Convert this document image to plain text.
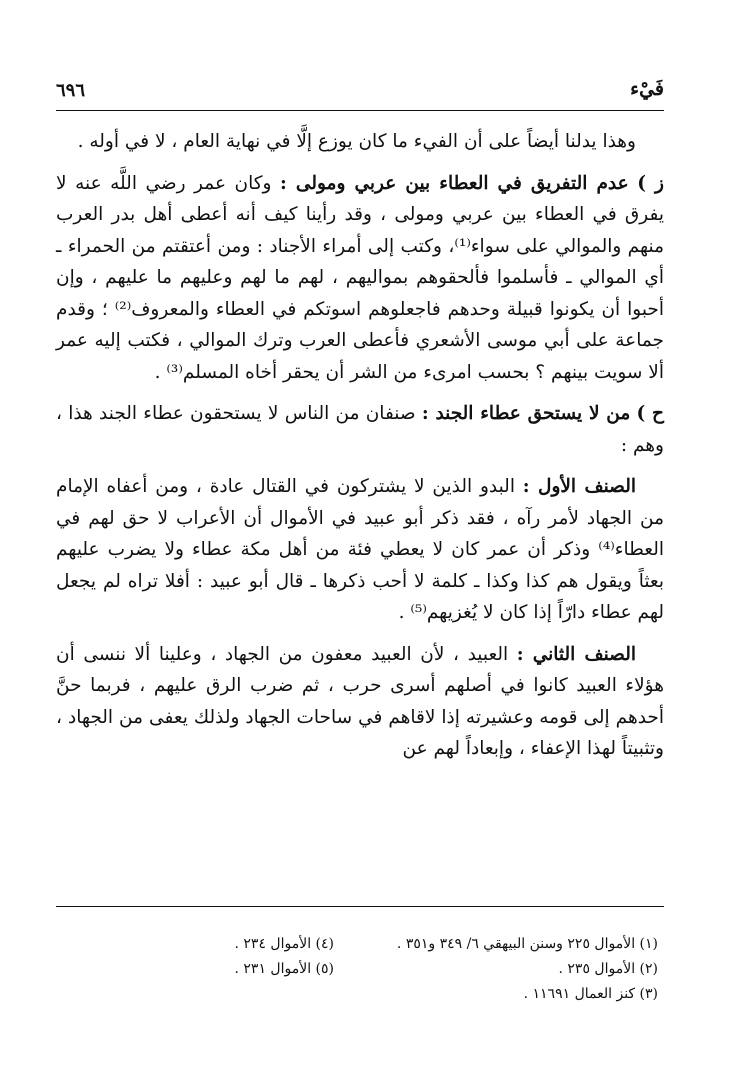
فَيْء
٦٩٦

وهذا يدلنا أيضاً على أن الفيء ما كان يوزع إلَّا في نهاية العام ، لا في أوله .

ز ) عدم التفريق في العطاء بين عربي ومولى : وكان عمر رضي اللَّه عنه لا يفرق في العطاء بين عربي ومولى ، وقد رأينا كيف أنه أعطى أهل بدر العرب منهم والموالي على سواء⁽¹⁾، وكتب إلى أمراء الأجناد : ومن أعتقتم من الحمراء ـ أي الموالي ـ فأسلموا فألحقوهم بمواليهم ، لهم ما لهم وعليهم ما عليهم ، وإن أحبوا أن يكونوا قبيلة وحدهم فاجعلوهم اسوتكم في العطاء والمعروف⁽²⁾ ؛ وقدم جماعة على أبي موسى الأشعري فأعطى العرب وترك الموالي ، فكتب إليه عمر ألا سويت بينهم ؟ بحسب امرىء من الشر أن يحقر أخاه المسلم⁽³⁾ .

ح ) من لا يستحق عطاء الجند : صنفان من الناس لا يستحقون عطاء الجند هذا ، وهم :

الصنف الأول : البدو الذين لا يشتركون في القتال عادة ، ومن أعفاه الإمام من الجهاد لأمر رآه ، فقد ذكر أبو عبيد في الأموال أن الأعراب لا حق لهم في العطاء⁽⁴⁾ وذكر أن عمر كان لا يعطي فئة من أهل مكة عطاء ولا يضرب عليهم بعثاً ويقول هم كذا وكذا ـ كلمة لا أحب ذكرها ـ قال أبو عبيد : أفلا تراه لم يجعل لهم عطاء دارّاً إذا كان لا يُغزيهم⁽⁵⁾ .

الصنف الثاني : العبيد ، لأن العبيد معفون من الجهاد ، وعلينا ألا ننسى أن هؤلاء العبيد كانوا في أصلهم أسرى حرب ، ثم ضرب الرق عليهم ، فربما حنَّ أحدهم إلى قومه وعشيرته إذا لاقاهم في ساحات الجهاد ولذلك يعفى من الجهاد ، وتثبيتاً لهذا الإعفاء ، وإبعاداً لهم عن

(١) الأموال ٢٢٥ وسنن البيهقي ٦/ ٣٤٩ و٣٥١ .
(٢) الأموال ٢٣٥ .
(٣) كنز العمال ١١٦٩١ .
(٤) الأموال ٢٣٤ .
(٥) الأموال ٢٣١ .
